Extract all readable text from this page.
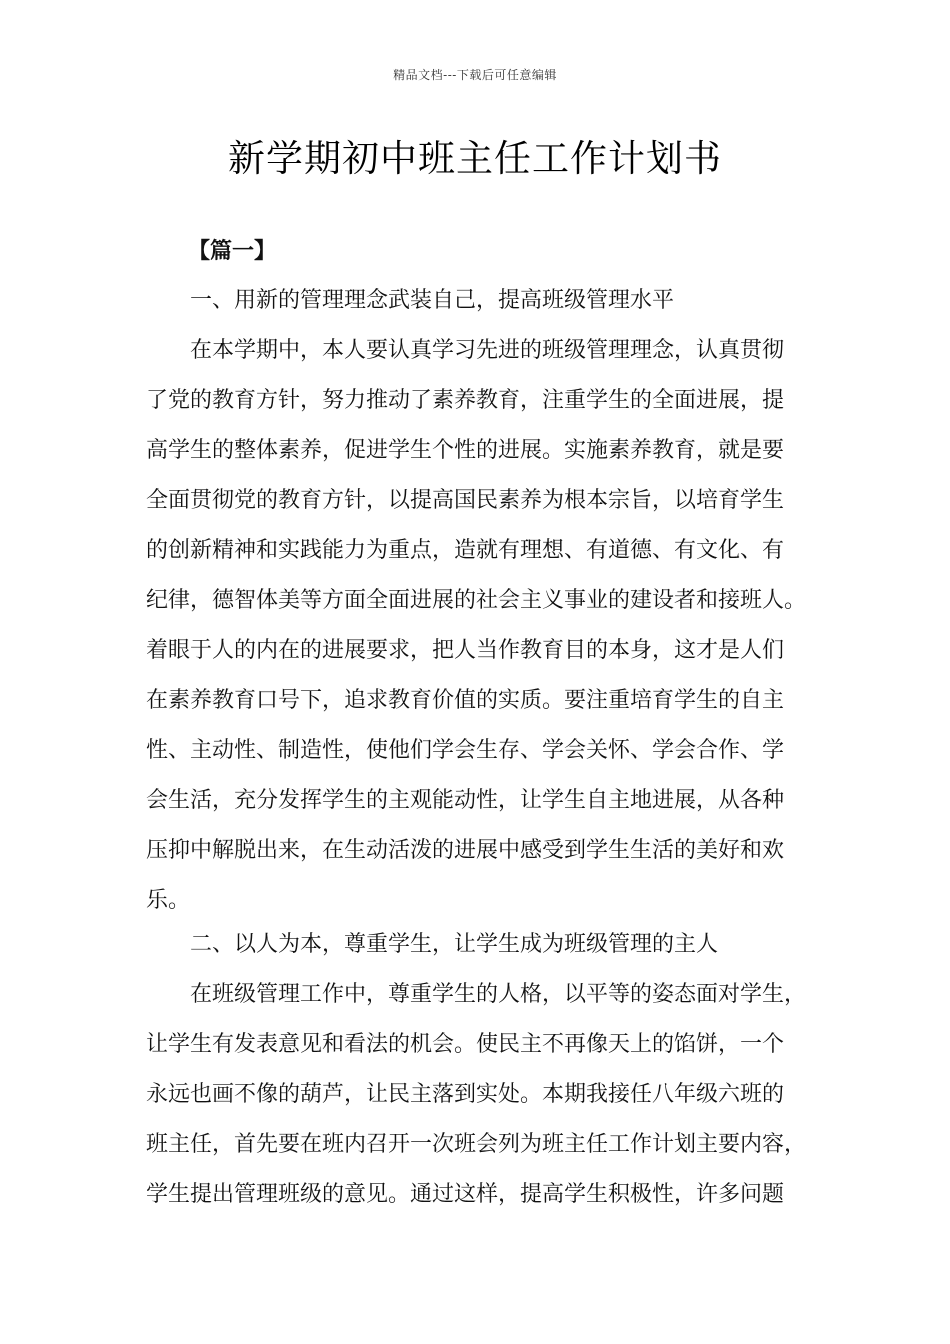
精品文档---下载后可任意编辑
新学期初中班主任工作计划书
【篇一】
一、用新的管理理念武装自己，提高班级管理水平
在本学期中，本人要认真学习先进的班级管理理念，认真贯彻
了党的教育方针，努力推动了素养教育，注重学生的全面进展，提
高学生的整体素养，促进学生个性的进展。实施素养教育，就是要
全面贯彻党的教育方针，以提高国民素养为根本宗旨，以培育学生
的创新精神和实践能力为重点，造就有理想、有道德、有文化、有
纪律，德智体美等方面全面进展的社会主义事业的建设者和接班人。
着眼于人的内在的进展要求，把人当作教育目的本身，这才是人们
在素养教育口号下，追求教育价值的实质。要注重培育学生的自主
性、主动性、制造性，使他们学会生存、学会关怀、学会合作、学
会生活，充分发挥学生的主观能动性，让学生自主地进展，从各种
压抑中解脱出来，在生动活泼的进展中感受到学生生活的美好和欢
乐。
二、以人为本，尊重学生，让学生成为班级管理的主人
在班级管理工作中，尊重学生的人格，以平等的姿态面对学生，
让学生有发表意见和看法的机会。使民主不再像天上的馅饼，一个
永远也画不像的葫芦，让民主落到实处。本期我接任八年级六班的
班主任，首先要在班内召开一次班会列为班主任工作计划主要内容，
学生提出管理班级的意见。通过这样，提高学生积极性，许多问题
